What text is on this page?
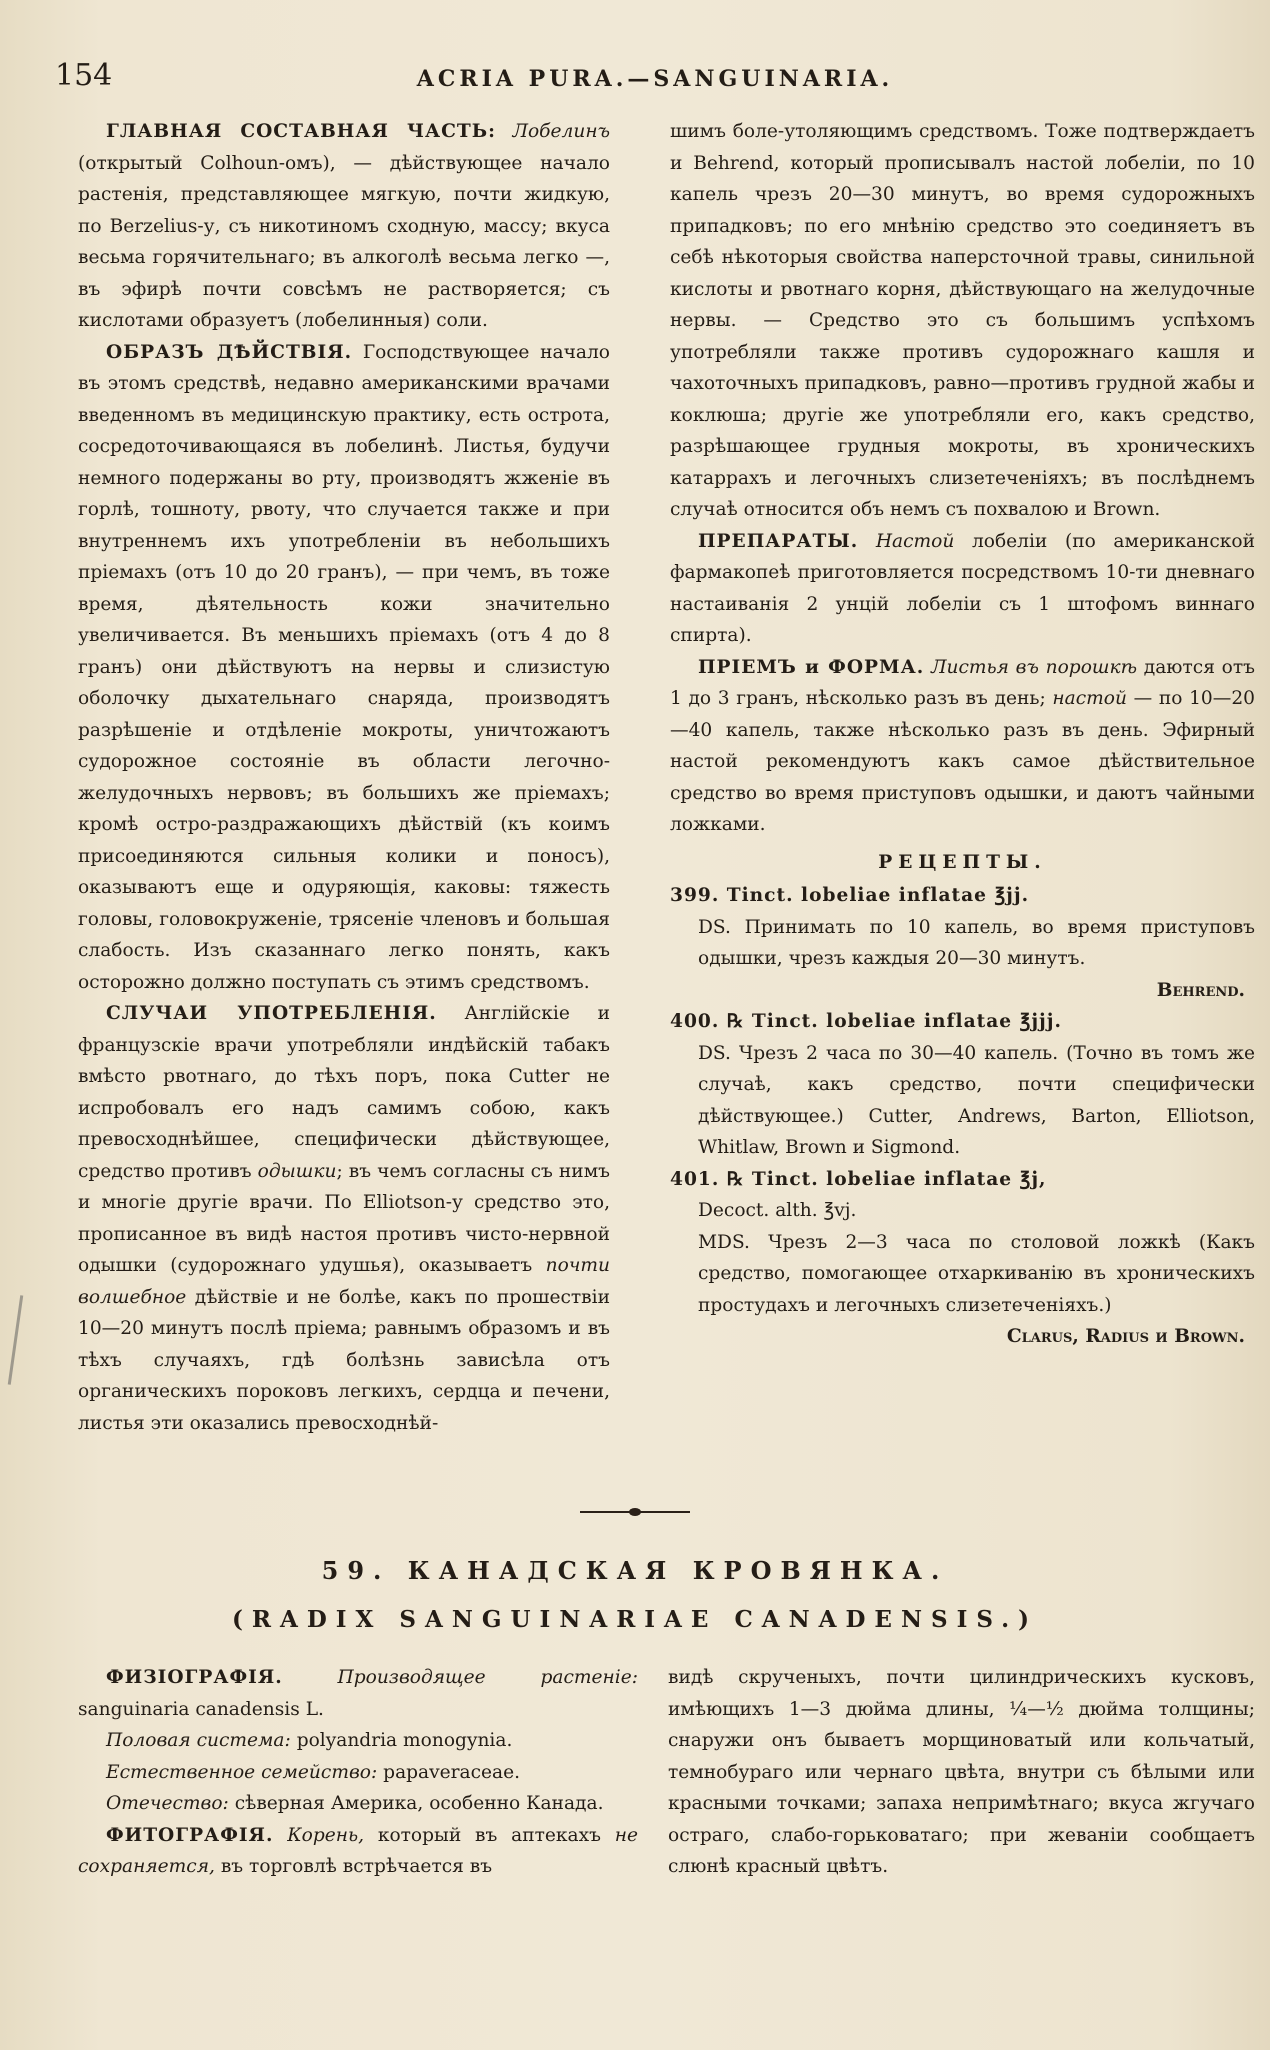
154	ACRIA PURA.—SANGUINARIA.

ГЛАВНАЯ СОСТАВНАЯ ЧАСТЬ: Лобелинъ (открытый Colhoun-омъ), — дѣйствующее начало растенія, представляющее мягкую, почти жидкую, по Berzelius-у, съ никотиномъ сходную, массу; вкуса весьма горячительнаго; въ алкоголѣ весьма легко —, въ эфирѣ почти совсѣмъ не растворяется; съ кислотами образуетъ (лобелинныя) соли.

ОБРАЗЪ ДѢЙСТВІЯ. Господствующее начало въ этомъ средствѣ, недавно американскими врачами введенномъ въ медицинскую практику, есть острота, сосредоточивающаяся въ лобелинѣ. Листья, будучи немного подержаны во рту, производятъ жженіе въ горлѣ, тошноту, рвоту, что случается также и при внутреннемъ ихъ употребленіи въ небольшихъ пріемахъ (отъ 10 до 20 гранъ), — при чемъ, въ тоже время, дѣятельность кожи значительно увеличивается. Въ меньшихъ пріемахъ (отъ 4 до 8 гранъ) они дѣйствуютъ на нервы и слизистую оболочку дыхательнаго снаряда, производятъ разрѣшеніе и отдѣленіе мокроты, уничтожаютъ судорожное состояніе въ области легочно-желудочныхъ нервовъ; въ большихъ же пріемахъ; кромѣ остро-раздражающихъ дѣйствій (къ коимъ присоединяются сильныя колики и поносъ), оказываютъ еще и одуряющія, каковы: тяжесть головы, головокруженіе, трясеніе членовъ и большая слабость. Изъ сказаннаго легко понять, какъ осторожно должно поступать съ этимъ средствомъ.

СЛУЧАИ УПОТРЕБЛЕНІЯ. Англійскіе и французскіе врачи употребляли индѣйскій табакъ вмѣсто рвотнаго, до тѣхъ поръ, пока Cutter не испробовалъ его надъ самимъ собою, какъ превосходнѣйшее, специфически дѣйствующее, средство противъ одышки; въ чемъ согласны съ нимъ и многіе другіе врачи. По Elliotson-у средство это, прописанное въ видѣ настоя противъ чисто-нервной одышки (судорожнаго удушья), оказываетъ почти волшебное дѣйствіе и не болѣе, какъ по прошествіи 10—20 минутъ послѣ пріема; равнымъ образомъ и въ тѣхъ случаяхъ, гдѣ болѣзнь зависѣла отъ органическихъ пороковъ легкихъ, сердца и печени, листья эти оказались превосходнѣй-

шимъ боле-утоляющимъ средствомъ. Тоже подтверждаетъ и Behrend, который прописывалъ настой лобеліи, по 10 капель чрезъ 20—30 минутъ, во время судорожныхъ припадковъ; по его мнѣнію средство это соединяетъ въ себѣ нѣкоторыя свойства наперсточной травы, синильной кислоты и рвотнаго корня, дѣйствующаго на желудочные нервы. — Средство это съ большимъ успѣхомъ употребляли также противъ судорожнаго кашля и чахоточныхъ припадковъ, равно—противъ грудной жабы и коклюша; другіе же употребляли его, какъ средство, разрѣшающее грудныя мокроты, въ хроническихъ катаррахъ и легочныхъ слизетеченіяхъ; въ послѣднемъ случаѣ относится объ немъ съ похвалою и Brown.

ПРЕПАРАТЫ. Настой лобеліи (по американской фармакопеѣ приготовляется посредствомъ 10-ти дневнаго настаиванія 2 унцій лобеліи съ 1 штофомъ виннаго спирта).

ПРІЕМЪ и ФОРМА. Листья въ порошкѣ даются отъ 1 до 3 гранъ, нѣсколько разъ въ день; настой — по 10—20—40 капель, также нѣсколько разъ въ день. Эфирный настой рекомендуютъ какъ самое дѣйствительное средство во время приступовъ одышки, и даютъ чайными ложками.

РЕЦЕПТЫ.

399. Tinct. lobeliae inflatae ℥jj.

DS. Принимать по 10 капель, во время приступовъ одышки, чрезъ каждыя 20—30 минутъ.

Behrend.

400. ℞ Tinct. lobeliae inflatae ℥jjj.

DS. Чрезъ 2 часа по 30—40 капель. (Точно въ томъ же случаѣ, какъ средство, почти специфически дѣйствующее.) Cutter, Andrews, Barton, Elliotson, Whitlaw, Brown и Sigmond.

401. ℞ Tinct. lobeliae inflatae ℥j,

Decoct. alth. ℥vj.

MDS. Чрезъ 2—3 часа по столовой ложкѣ (Какъ средство, помогающее отхаркиванію въ хроническихъ простудахъ и легочныхъ слизетеченіяхъ.)

Clarus, Radius и Brown.

59. КАНАДСКАЯ КРОВЯНКА.
(RADIX SANGUINARIAE CANADENSIS.)

ФИЗІОГРАФІЯ.	Производящее растеніе: sanguinaria canadensis L.

Половая система: polyandria monogynia.

Естественное семейство: papaveraceae.

Отечество: сѣверная Америка, особенно Канада.

ФИТОГРАФІЯ. Корень, который въ аптекахъ не сохраняется, въ торговлѣ встрѣчается въ

видѣ скрученыхъ, почти цилиндрическихъ кусковъ, имѣющихъ 1—3 дюйма длины, ¼—½ дюйма толщины; снаружи онъ бываетъ морщиноватый или кольчатый, темнобураго или чернаго цвѣта, внутри съ бѣлыми или красными точками; запаха непримѣтнаго; вкуса жгучаго остраго, слабо-горьковатаго; при жеваніи сообщаетъ слюнѣ красный цвѣтъ.
